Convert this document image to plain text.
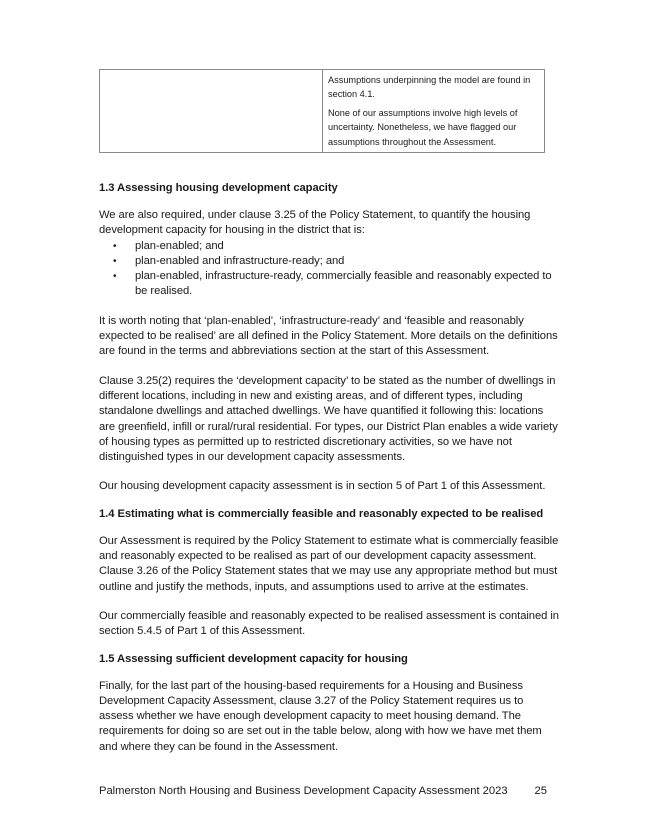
Assumptions underpinning the model are found in section 4.1.

None of our assumptions involve high levels of uncertainty. Nonetheless, we have flagged our assumptions throughout the Assessment.

1.3 Assessing housing development capacity

We are also required, under clause 3.25 of the Policy Statement, to quantify the housing development capacity for housing in the district that is:

• plan-enabled; and
• plan-enabled and infrastructure-ready; and
• plan-enabled, infrastructure-ready, commercially feasible and reasonably expected to be realised.

It is worth noting that ‘plan-enabled’, ‘infrastructure-ready’ and ‘feasible and reasonably expected to be realised’ are all defined in the Policy Statement. More details on the definitions are found in the terms and abbreviations section at the start of this Assessment.

Clause 3.25(2) requires the ‘development capacity’ to be stated as the number of dwellings in different locations, including in new and existing areas, and of different types, including standalone dwellings and attached dwellings. We have quantified it following this: locations are greenfield, infill or rural/rural residential. For types, our District Plan enables a wide variety of housing types as permitted up to restricted discretionary activities, so we have not distinguished types in our development capacity assessments.

Our housing development capacity assessment is in section 5 of Part 1 of this Assessment.

1.4 Estimating what is commercially feasible and reasonably expected to be realised

Our Assessment is required by the Policy Statement to estimate what is commercially feasible and reasonably expected to be realised as part of our development capacity assessment. Clause 3.26 of the Policy Statement states that we may use any appropriate method but must outline and justify the methods, inputs, and assumptions used to arrive at the estimates.

Our commercially feasible and reasonably expected to be realised assessment is contained in section 5.4.5 of Part 1 of this Assessment.

1.5 Assessing sufficient development capacity for housing

Finally, for the last part of the housing-based requirements for a Housing and Business Development Capacity Assessment, clause 3.27 of the Policy Statement requires us to assess whether we have enough development capacity to meet housing demand. The requirements for doing so are set out in the table below, along with how we have met them and where they can be found in the Assessment.

Palmerston North Housing and Business Development Capacity Assessment 2023 25
